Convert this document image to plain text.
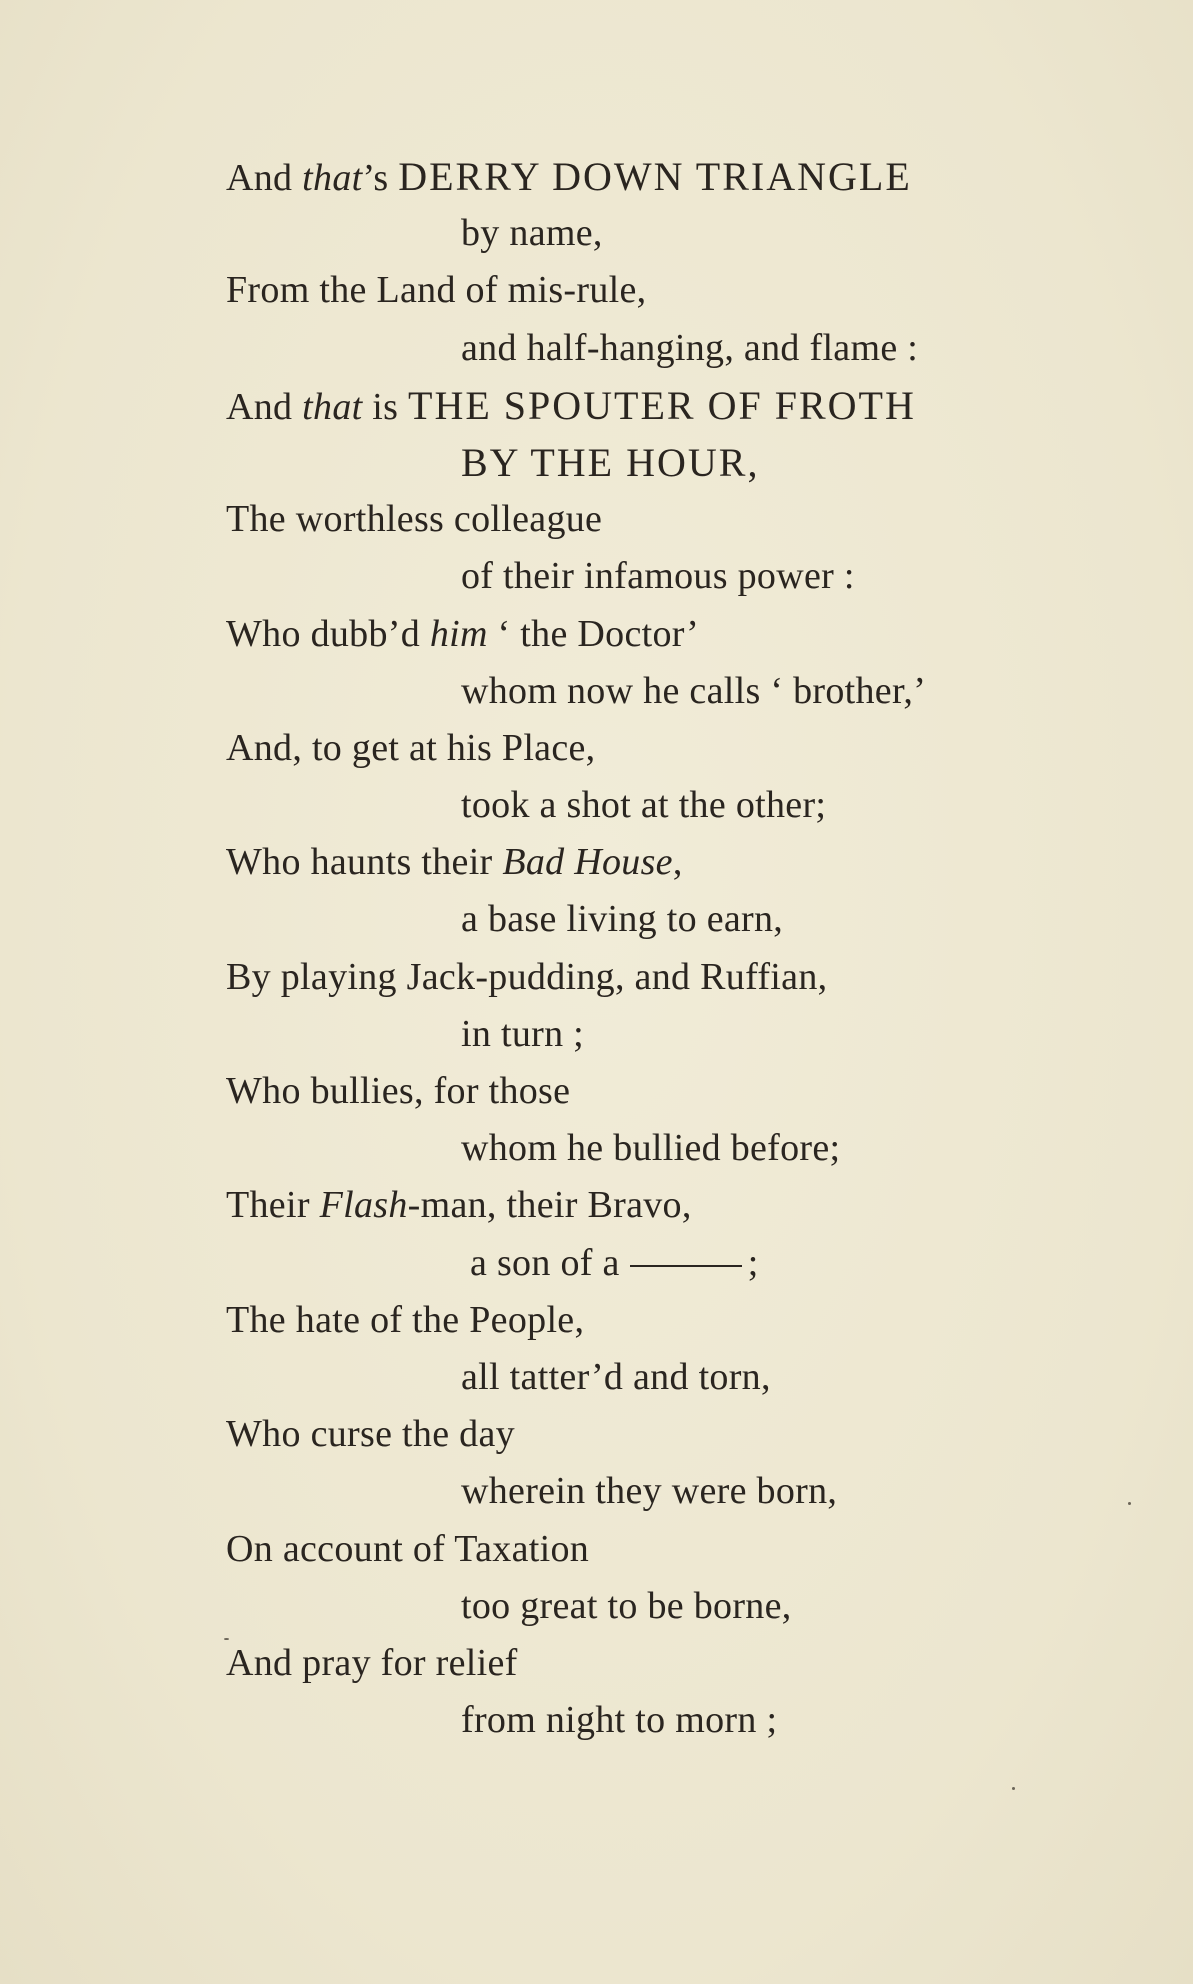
And that’s DERRY DOWN TRIANGLE
by name,
From the Land of mis-rule,
and half-hanging, and flame :
And that is THE SPOUTER OF FROTH
BY THE HOUR,
The worthless colleague
of their infamous power :
Who dubb’d him ‘ the Doctor’
whom now he calls ‘ brother,’
And, to get at his Place,
took a shot at the other;
Who haunts their Bad House,
a base living to earn,
By playing Jack-pudding, and Ruffian,
in turn ;
Who bullies, for those
whom he bullied before;
Their Flash-man, their Bravo,
a son of a	;
The hate of the People,
all tatter’d and torn,
Who curse the day
wherein they were born,
On account of Taxation
too great to be borne,
And pray for relief
from night to morn ;
